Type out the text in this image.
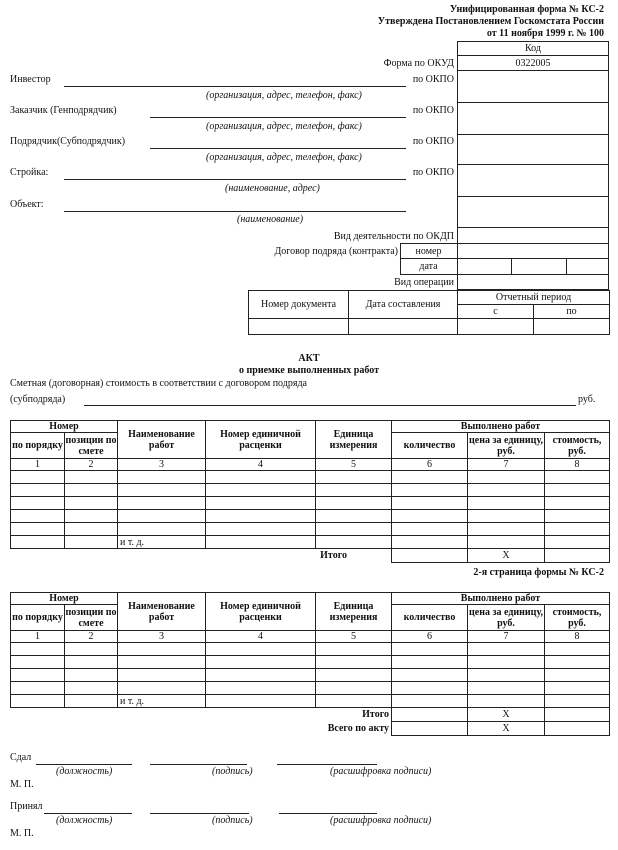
Унифицированная форма № КС-2
Утверждена Постановлением Госкомстата России
от 11 ноября 1999 г. № 100
Код
Форма по ОКУД	0322005
Инвестор	по ОКПО
(организация, адрес, телефон, факс)
Заказчик (Генподрядчик)	по ОКПО
(организация, адрес, телефон, факс)
Подрядчик(Субподрядчик)	по ОКПО
(организация, адрес, телефон, факс)
Стройка:	по ОКПО
(наименование, адрес)
Объект:
(наименование)
Вид деятельности по ОКДП
Договор подряда (контракта)	номер
дата
Вид операции
Номер документа	Дата составления	Отчетный период	
		с	по

АКТ
о приемке выполненных работ
Сметная (договорная) стоимость в соответствии с договором подряда
(субподряда)	руб.
Номер		Наименование работ	Номер единичной расценки	Единица измерения	Выполнено работ		
по порядку	позиции по смете				количество	цена за единицу, руб.	стоимость, руб.
1	2	3	4	5	6	7	8

		и т. д.					
Итого						X	
2-я страница формы № КС-2
Номер		Наименование работ	Номер единичной расценки	Единица измерения	Выполнено работ		
по порядку	позиции по смете				количество	цена за единицу, руб.	стоимость, руб.
1	2	3	4	5	6	7	8

		и т. д.					
Итого						X	
Всего по акту						X	
Сдал
(должность)	(подпись)	(расшифровка подписи)
М. П.
Принял
(должность)	(подпись)	(расшифровка подписи)
М. П.
